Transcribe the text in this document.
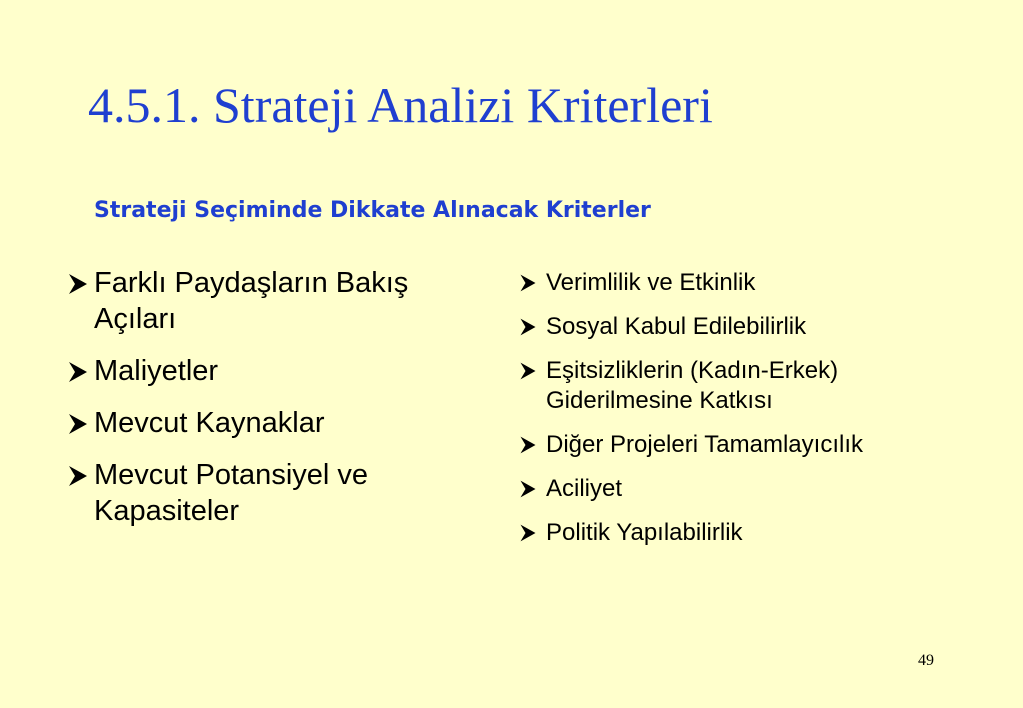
4.5.1. Strateji Analizi Kriterleri
Strateji Seçiminde Dikkate Alınacak Kriterler
Farklı Paydaşların Bakış Açıları
Maliyetler
Mevcut Kaynaklar
Mevcut Potansiyel ve Kapasiteler
Verimlilik ve Etkinlik
Sosyal Kabul Edilebilirlik
Eşitsizliklerin (Kadın-Erkek) Giderilmesine Katkısı
Diğer Projeleri Tamamlayıcılık
Aciliyet
Politik Yapılabilirlik

49
